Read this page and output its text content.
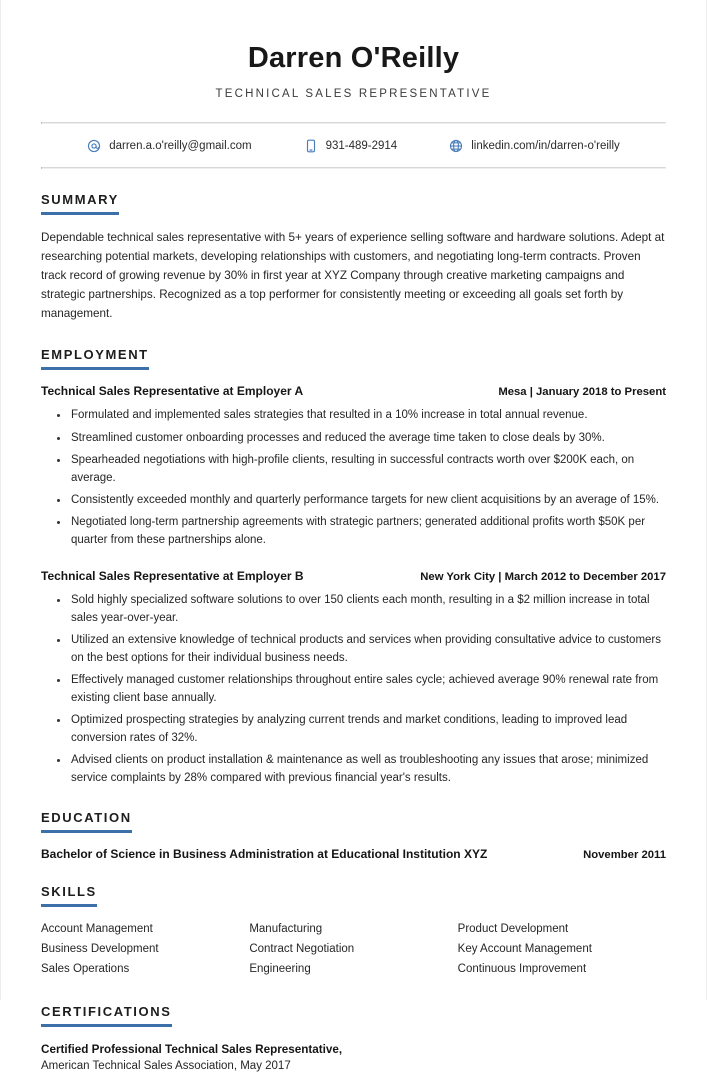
Darren O'Reilly
TECHNICAL SALES REPRESENTATIVE
darren.a.o'reilly@gmail.com	931-489-2914	linkedin.com/in/darren-o'reilly
SUMMARY

Dependable technical sales representative with 5+ years of experience selling software and hardware solutions. Adept at researching potential markets, developing relationships with customers, and negotiating long-term contracts. Proven track record of growing revenue by 30% in first year at XYZ Company through creative marketing campaigns and strategic partnerships. Recognized as a top performer for consistently meeting or exceeding all goals set forth by management.

EMPLOYMENT
Technical Sales Representative at Employer A	Mesa | January 2018 to Present
Formulated and implemented sales strategies that resulted in a 10% increase in total annual revenue.
Streamlined customer onboarding processes and reduced the average time taken to close deals by 30%.
Spearheaded negotiations with high-profile clients, resulting in successful contracts worth over $200K each, on average.
Consistently exceeded monthly and quarterly performance targets for new client acquisitions by an average of 15%.
Negotiated long-term partnership agreements with strategic partners; generated additional profits worth $50K per quarter from these partnerships alone.
Technical Sales Representative at Employer B	New York City | March 2012 to December 2017
Sold highly specialized software solutions to over 150 clients each month, resulting in a $2 million increase in total sales year-over-year.
Utilized an extensive knowledge of technical products and services when providing consultative advice to customers on the best options for their individual business needs.
Effectively managed customer relationships throughout entire sales cycle; achieved average 90% renewal rate from existing client base annually.
Optimized prospecting strategies by analyzing current trends and market conditions, leading to improved lead conversion rates of 32%.
Advised clients on product installation & maintenance as well as troubleshooting any issues that arose; minimized service complaints by 28% compared with previous financial year's results.
EDUCATION
Bachelor of Science in Business Administration at Educational Institution XYZ	November 2011
SKILLS
Account Management	Manufacturing	Product Development
Business Development	Contract Negotiation	Key Account Management
Sales Operations	Engineering	Continuous Improvement
CERTIFICATIONS
Certified Professional Technical Sales Representative,
American Technical Sales Association, May 2017
